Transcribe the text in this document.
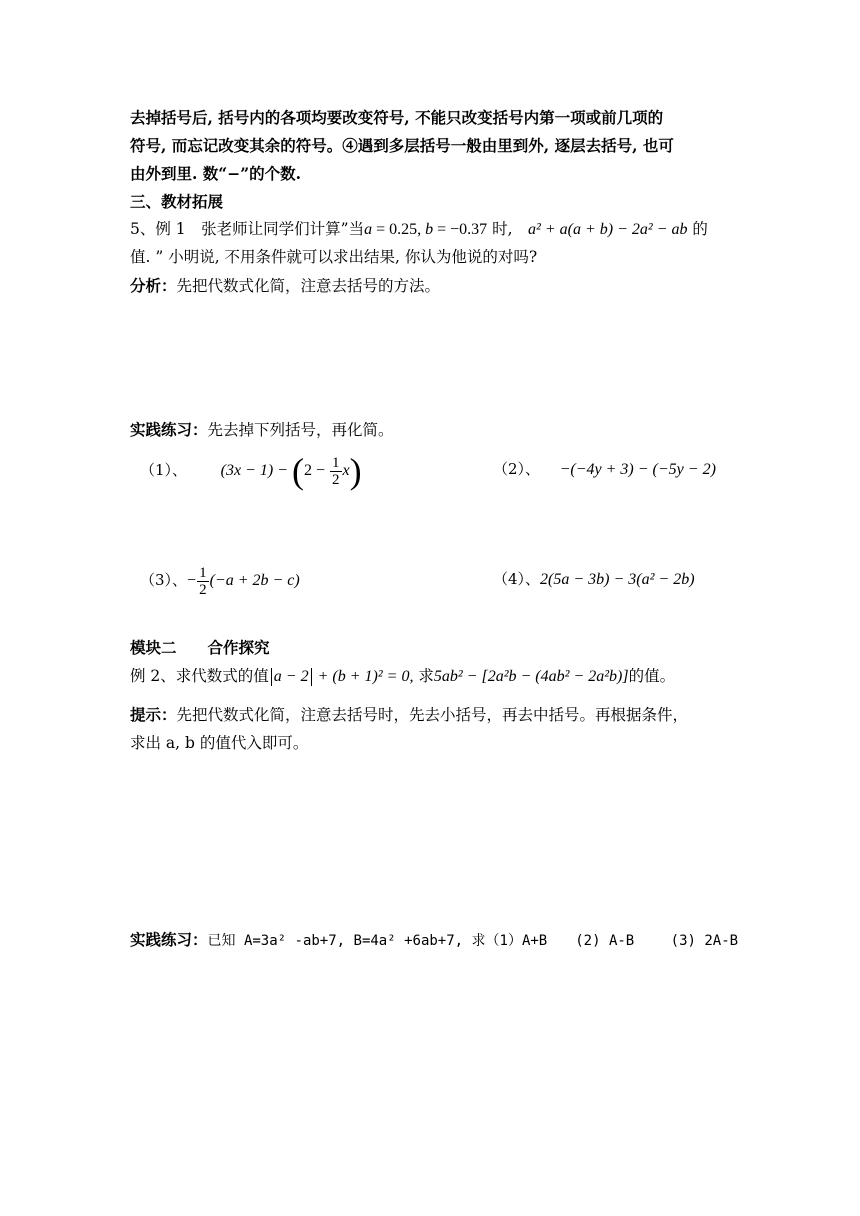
去掉括号后, 括号内的各项均要改变符号, 不能只改变括号内第一项或前几项的
符号, 而忘记改变其余的符号。④遇到多层括号一般由里到外, 逐层去括号, 也可
由外到里. 数“−”的个数.
三、教材拓展
5、例 1　张老师让同学们计算”当a = 0.25, b = −0.37 时,　a² + a(a + b) − 2a² − ab 的
值. ” 小明说, 不用条件就可以求出结果, 你认为他说的对吗?
分析：先把代数式化简，注意去括号的方法。
实践练习：先去掉下列括号，再化简。
（1）、 $(3x - 1) - (2 - \frac{1}{2} x)$	（2）、 −(−4y + 3) − (−5y − 2)
（3）、− $\frac{1}{2} (-a + 2b - c)$	（4）、2(5a − 3b) − 3(a² − 2b)
模块二　　合作探究
例 2、求代数式的值 a − 2 + (b + 1)² = 0, 求5ab² − [2a²b − (4ab² − 2a²b)]的值。
提示：先把代数式化简，注意去括号时，先去小括号，再去中括号。再根据条件，
求出 a, b 的值代入即可。
实践练习：已知 A=3a² -ab+7, B=4a² +6ab+7, 求（1）A+B　　(2) A-B　　 (3) 2A-B
